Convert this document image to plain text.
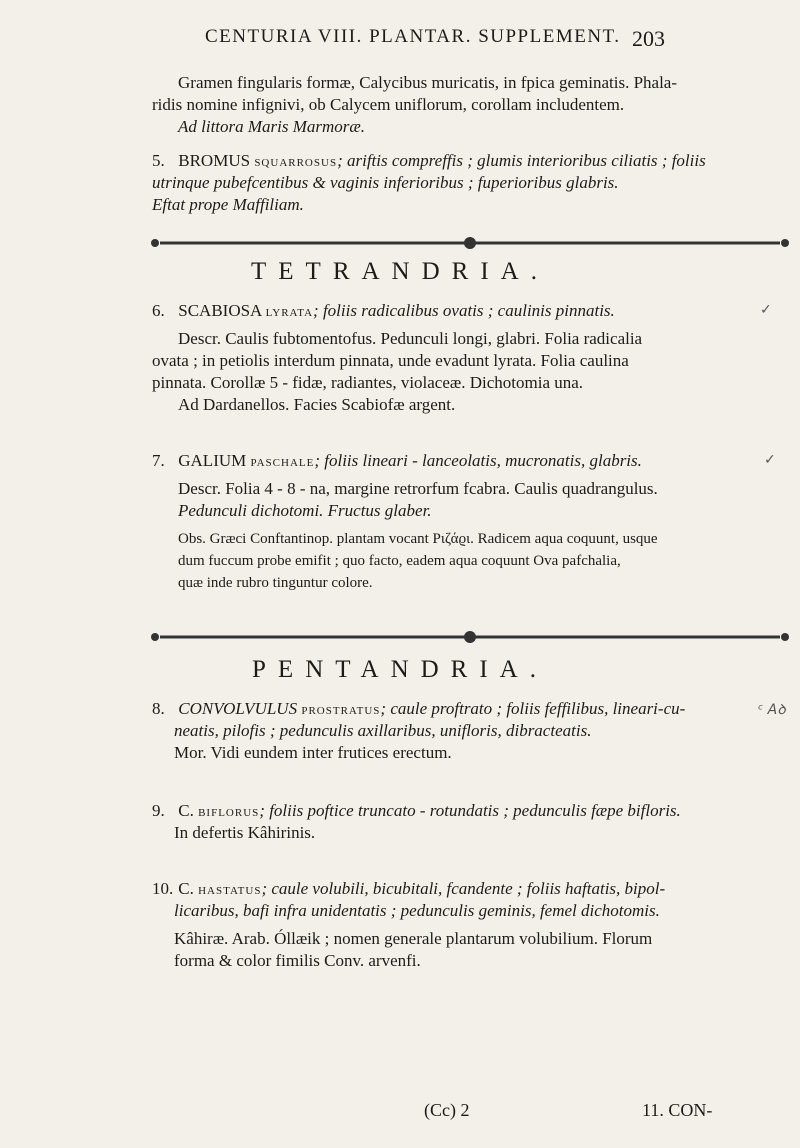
CENTURIA VIII. PLANTAR. SUPPLEMENT. 203
Gramen fingularis formæ, Calycibus muricatis, in fpica geminatis. Phala-
ridis nomine infignivi, ob Calycem uniflorum, corollam includentem.
Ad littora Maris Marmoræ.
5. BROMUS squarrosus; ariftis compreffis ; glumis interioribus ciliatis ; foliis
utrinque pubefcentibus & vaginis inferioribus ; fuperioribus glabris.
Eftat prope Maffiliam.
TETRANDRIA.
6. SCABIOSA lyrata; foliis radicalibus ovatis ; caulinis pinnatis.
Descr. Caulis fubtomentofus. Pedunculi longi, glabri. Folia radicalia
ovata ; in petiolis interdum pinnata, unde evadunt lyrata. Folia caulina
pinnata. Corollæ 5 - fidæ, radiantes, violaceæ. Dichotomia una.
Ad Dardanellos. Facies Scabiofæ argent.
7. GALIUM paschale; foliis lineari - lanceolatis, mucronatis, glabris.
Descr. Folia 4 - 8 - na, margine retrorfum fcabra. Caulis quadrangulus.
Pedunculi dichotomi. Fructus glaber.
Obs. Græci Conftantinop. plantam vocant Pιζάϱι. Radicem aqua coquunt, usque
dum fuccum probe emifit ; quo facto, eadem aqua coquunt Ova pafchalia,
quæ inde rubro tinguntur colore.
PENTANDRIA.
8. CONVOLVULUS prostratus; caule proftrato ; foliis feffilibus, lineari-cu-
neatis, pilofis ; pedunculis axillaribus, unifloris, dibracteatis.
Mor. Vidi eundem inter frutices erectum.
9. C. biflorus; foliis poftice truncato - rotundatis ; pedunculis fæpe bifloris.
In defertis Kâhirinis.
10. C. hastatus; caule volubili, bicubitali, fcandente ; foliis haftatis, bipol-
licaribus, bafi infra unidentatis ; pedunculis geminis, femel dichotomis.
Kâhiræ. Arab. Óllæik ; nomen generale plantarum volubilium. Florum
forma & color fimilis Conv. arvenfi.
✓
✓
ᶜ Aꝺ
(Cc) 2	11. CON-
